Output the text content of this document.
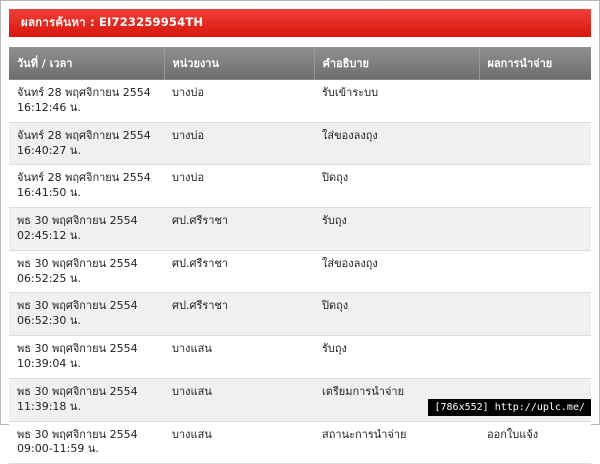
ผลการค้นหา : EI723259954TH
วันที่ / เวลา	หน่วยงาน	คำอธิบาย	ผลการนำจ่าย

จันทร์ 28 พฤศจิกายน 2554
16:12:46 น.	บางบ่อ	รับเข้าระบบ	

จันทร์ 28 พฤศจิกายน 2554
16:40:27 น.	บางบ่อ	ใส่ของลงถุง	

จันทร์ 28 พฤศจิกายน 2554
16:41:50 น.	บางบ่อ	ปิดถุง	

พธ 30 พฤศจิกายน 2554
02:45:12 น.	ศป.ศรีราชา	รับถุง	

พธ 30 พฤศจิกายน 2554
06:52:25 น.	ศป.ศรีราชา	ใส่ของลงถุง	

พธ 30 พฤศจิกายน 2554
06:52:30 น.	ศป.ศรีราชา	ปิดถุง	

พธ 30 พฤศจิกายน 2554
10:39:04 น.	บางแสน	รับถุง	

พธ 30 พฤศจิกายน 2554
11:39:18 น.	บางแสน	เตรียมการนำจ่าย	

พธ 30 พฤศจิกายน 2554
09:00-11:59 น.	บางแสน	สถานะการนำจ่าย	ออกใบแจ้ง
[786x552] http://uplc.me/
